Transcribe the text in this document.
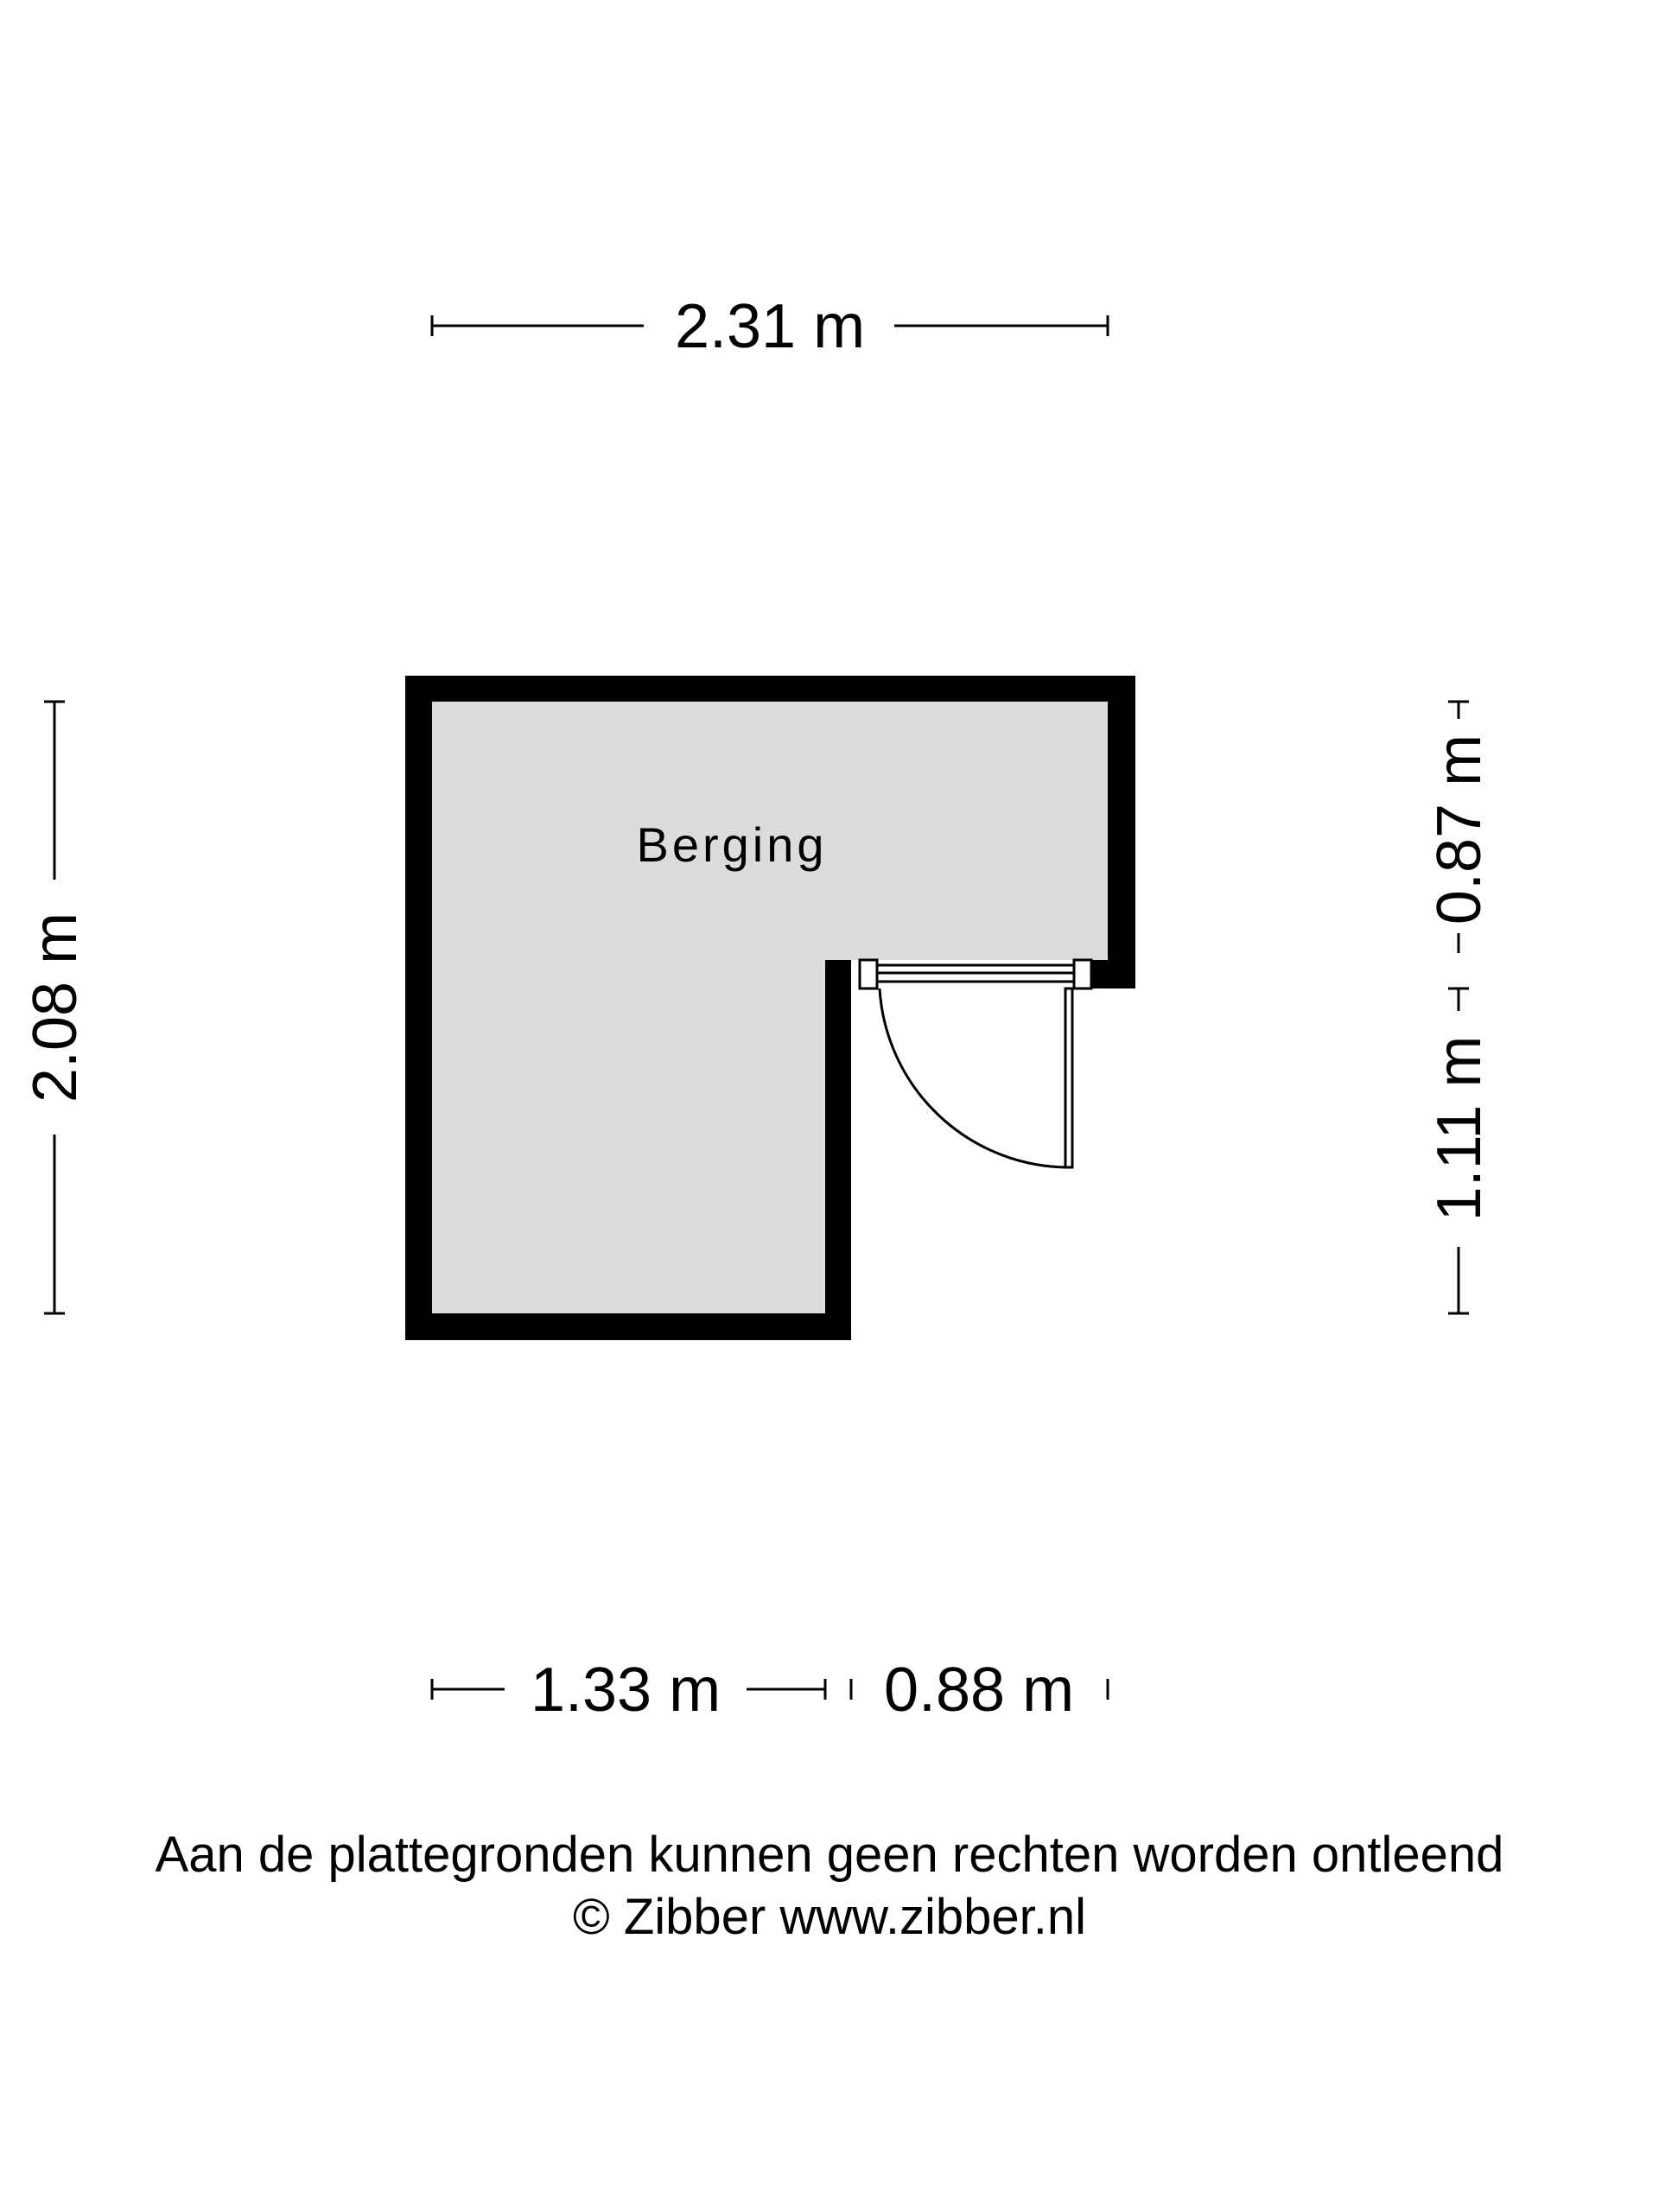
Berging
2.31 m
2.08 m
0.87 m
1.11 m
1.33 m	0.88 m
Aan de plattegronden kunnen geen rechten worden ontleend
© Zibber www.zibber.nl
